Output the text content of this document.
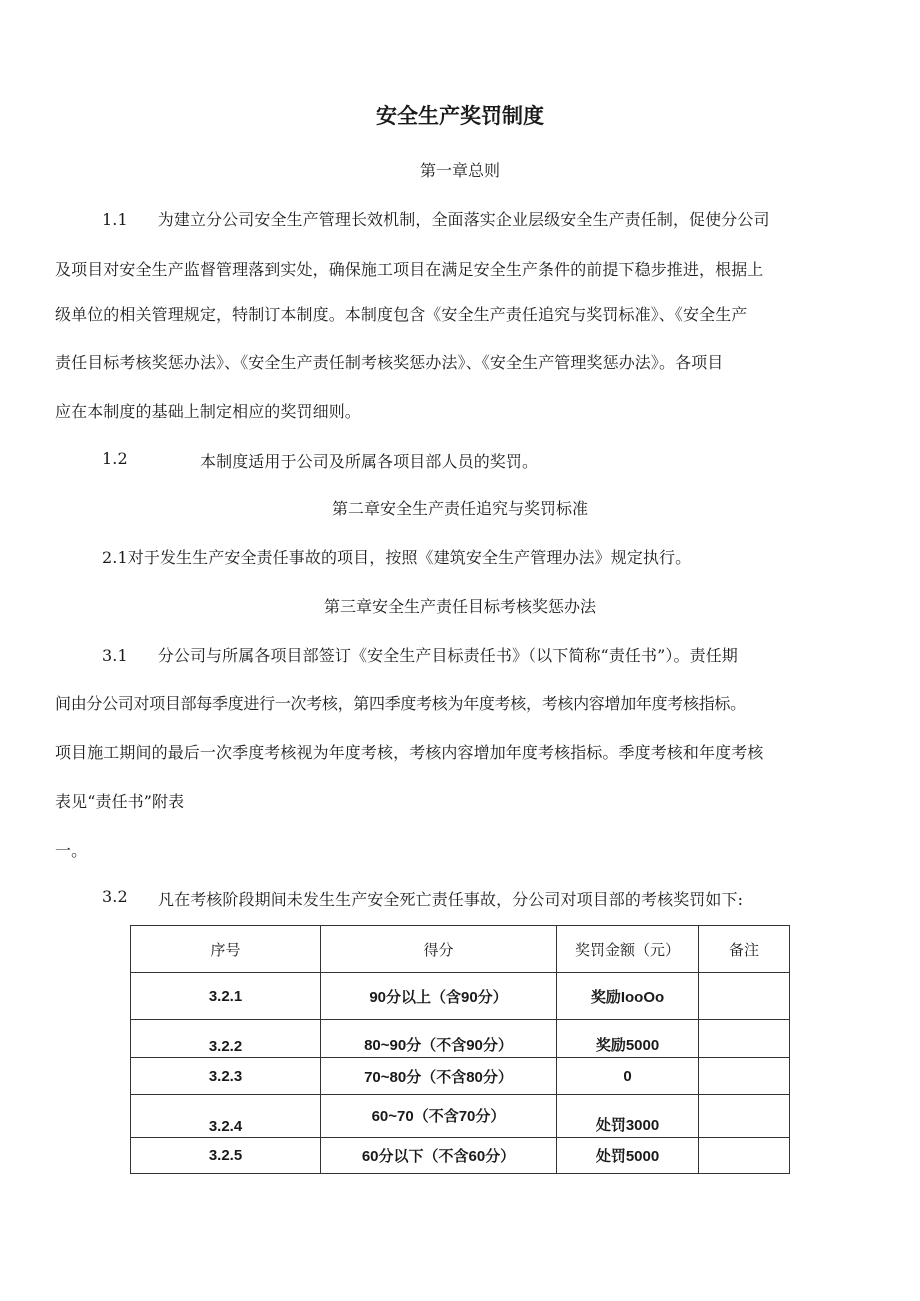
安全生产奖罚制度
第一章总则
1.1 为建立分公司安全生产管理长效机制，全面落实企业层级安全生产责任制，促使分公司
及项目对安全生产监督管理落到实处，确保施工项目在满足安全生产条件的前提下稳步推进，根据上
级单位的相关管理规定，特制订本制度。本制度包含《安全生产责任追究与奖罚标准》、《安全生产
责任目标考核奖惩办法》、《安全生产责任制考核奖惩办法》、《安全生产管理奖惩办法》。各项目
应在本制度的基础上制定相应的奖罚细则。
1.2	本制度适用于公司及所属各项目部人员的奖罚。
第二章安全生产责任追究与奖罚标准
2.1对于发生生产安全责任事故的项目，按照《建筑安全生产管理办法》规定执行。
第三章安全生产责任目标考核奖惩办法
3.1 分公司与所属各项目部签订《安全生产目标责任书》（以下简称“责任书”）。责任期
间由分公司对项目部每季度进行一次考核，第四季度考核为年度考核，考核内容增加年度考核指标。
项目施工期间的最后一次季度考核视为年度考核，考核内容增加年度考核指标。季度考核和年度考核
表见“责任书”附表
一。
3.2 凡在考核阶段期间未发生生产安全死亡责任事故，分公司对项目部的考核奖罚如下:
序号	得分	奖罚金额（元）	备注
3.2.1	90分以上（含90分）	奖励IooOo	
3.2.2	80~90分（不含90分）	奖励5000	
3.2.3	70~80分（不含80分）	0	
3.2.4	60~70（不含70分）	处罚3000	
3.2.5	60分以下（不含60分）	处罚5000	
